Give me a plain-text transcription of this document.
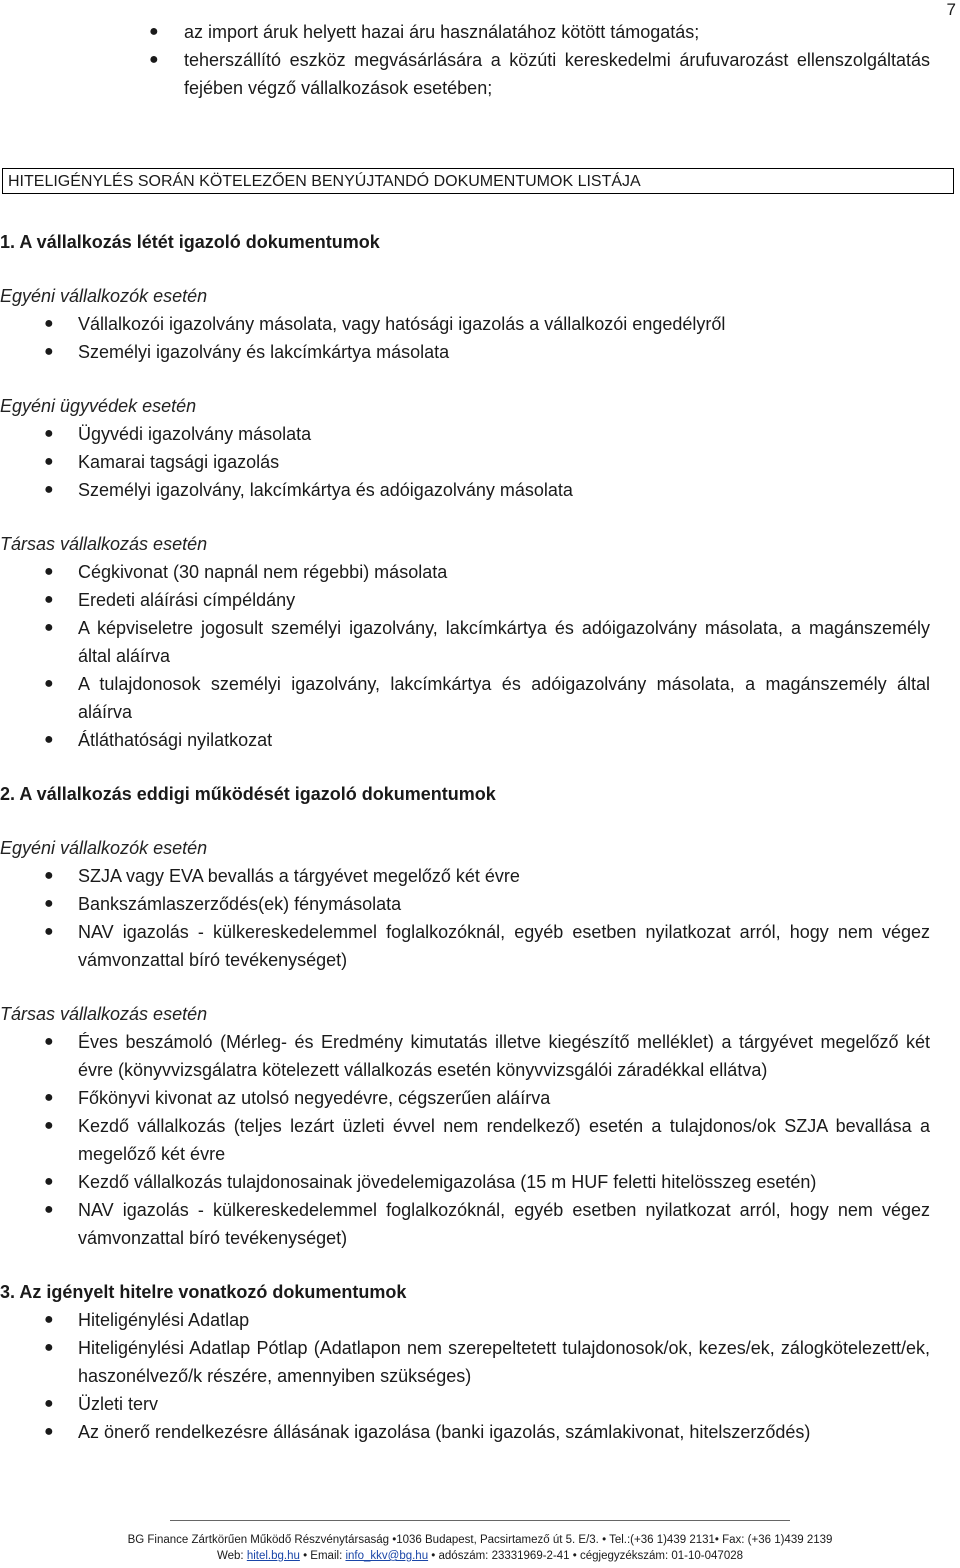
7
● az import áruk helyett hazai áru használatához kötött támogatás;
● teherszállító eszköz megvásárlására a közúti kereskedelmi árufuvarozást ellenszolgáltatás fejében végző vállalkozások esetében;
HITELIGÉNYLÉS SORÁN KÖTELEZŐEN BENYÚJTANDÓ DOKUMENTUMOK LISTÁJA
1. A vállalkozás létét igazoló dokumentumok
Egyéni vállalkozók esetén
● Vállalkozói igazolvány másolata, vagy hatósági igazolás a vállalkozói engedélyről
● Személyi igazolvány és lakcímkártya másolata
Egyéni ügyvédek esetén
● Ügyvédi igazolvány másolata
● Kamarai tagsági igazolás
● Személyi igazolvány, lakcímkártya és adóigazolvány másolata
Társas vállalkozás esetén
● Cégkivonat (30 napnál nem régebbi) másolata
● Eredeti aláírási címpéldány
● A képviseletre jogosult személyi igazolvány, lakcímkártya és adóigazolvány másolata, a magánszemély által aláírva
● A tulajdonosok személyi igazolvány, lakcímkártya és adóigazolvány másolata, a magánszemély által aláírva
● Átláthatósági nyilatkozat
2. A vállalkozás eddigi működését igazoló dokumentumok
Egyéni vállalkozók esetén
● SZJA vagy EVA bevallás a tárgyévet megelőző két évre
● Bankszámlaszerződés(ek) fénymásolata
● NAV igazolás - külkereskedelemmel foglalkozóknál, egyéb esetben nyilatkozat arról, hogy nem végez vámvonzattal bíró tevékenységet)
Társas vállalkozás esetén
● Éves beszámoló (Mérleg- és Eredmény kimutatás illetve kiegészítő melléklet) a tárgyévet megelőző két évre (könyvvizsgálatra kötelezett vállalkozás esetén könyvvizsgálói záradékkal ellátva)
● Főkönyvi kivonat az utolsó negyedévre, cégszerűen aláírva
● Kezdő vállalkozás (teljes lezárt üzleti évvel nem rendelkező) esetén a tulajdonos/ok SZJA bevallása a megelőző két évre
● Kezdő vállalkozás tulajdonosainak jövedelemigazolása (15 m HUF feletti hitelösszeg esetén)
● NAV igazolás - külkereskedelemmel foglalkozóknál, egyéb esetben nyilatkozat arról, hogy nem végez vámvonzattal bíró tevékenységet)
3. Az igényelt hitelre vonatkozó dokumentumok
● Hiteligénylési Adatlap
● Hiteligénylési Adatlap Pótlap (Adatlapon nem szerepeltetett tulajdonosok/ok, kezes/ek, zálogkötelezett/ek, haszonélvező/k részére, amennyiben szükséges)
● Üzleti terv
● Az önerő rendelkezésre állásának igazolása (banki igazolás, számlakivonat, hitelszerződés)
BG Finance Zártkörűen Működő Részvénytársaság •1036 Budapest, Pacsirtamező út 5. E/3. • Tel.:(+36 1)439 2131• Fax: (+36 1)439 2139
Web: hitel.bg.hu • Email: info_kkv@bg.hu • adószám: 23331969-2-41 • cégjegyzékszám: 01-10-047028
